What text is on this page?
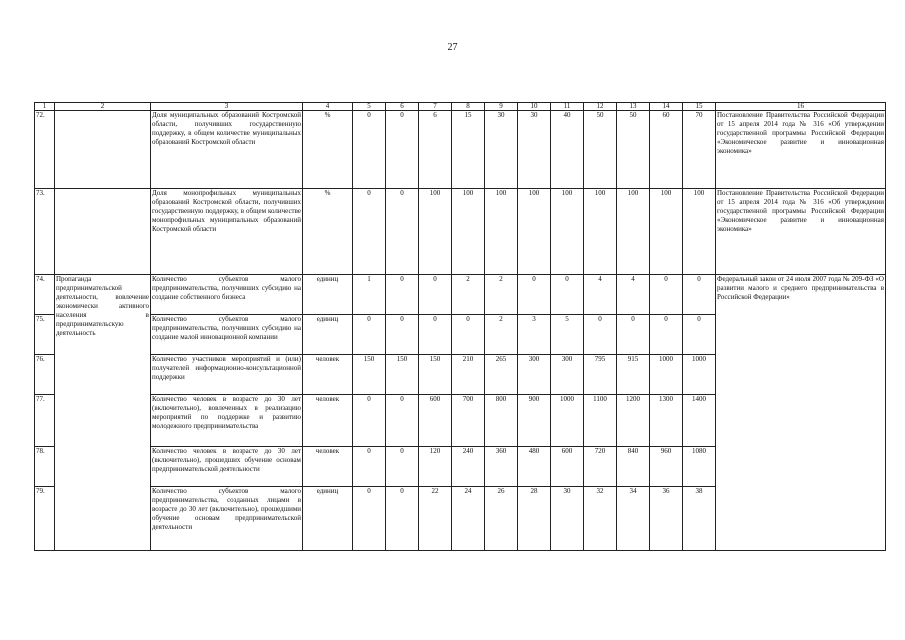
27
1	2	3	4	5	6	7	8	9	10	11	12	13	14	15	16
72.		Доля муниципальных образований Костромской области, получивших государственную поддержку, в общем количестве муниципальных образований Костромской области	%	0	0	6	15	30	30	40	50	50	60	70	Постановление Правительства Российской Федерации от 15 апреля 2014 года № 316 «Об утверждении государственной программы Российской Федерации «Экономическое развитие и инновационная экономика»
73.		Доля монопрофильных муниципальных образований Костромской области, получивших государственную поддержку, в общем количестве монопрофильных муниципальных образований Костромской области	%	0	0	100	100	100	100	100	100	100	100	100	Постановление Правительства Российской Федерации от 15 апреля 2014 года № 316 «Об утверждении государственной программы Российской Федерации «Экономическое развитие и инновационная экономика»
74.	Пропаганда предпринимательской деятельности, вовлечение экономически активного населения в предпринимательскую деятельность	Количество субъектов малого предпринимательства, получивших субсидию на создание собственного бизнеса	единиц	1	0	0	2	2	0	0	4	4	0	0	Федеральный закон от 24 июля 2007 года № 209-ФЗ «О развитии малого и среднего предпринимательства в Российской Федерации»
75.		Количество субъектов малого предпринимательства, получивших субсидию на создание малой инновационной компании	единиц	0	0	0	0	2	3	5	0	0	0	0	
76.		Количество участников мероприятий и (или) получателей информационно-консультационной поддержки	человек	150	150	150	210	265	300	300	795	915	1000	1000	
77.		Количество человек в возрасте до 30 лет (включительно), вовлеченных в реализацию мероприятий по поддержке и развитию молодежного предпринимательства	человек	0	0	600	700	800	900	1000	1100	1200	1300	1400	
78.		Количество человек в возрасте до 30 лет (включительно), прошедших обучение основам предпринимательской деятельности	человек	0	0	120	240	360	480	600	720	840	960	1080	
79.		Количество субъектов малого предпринимательства, созданных лицами в возрасте до 30 лет (включительно), прошедшими обучение основам предпринимательской деятельности	единиц	0	0	22	24	26	28	30	32	34	36	38	
